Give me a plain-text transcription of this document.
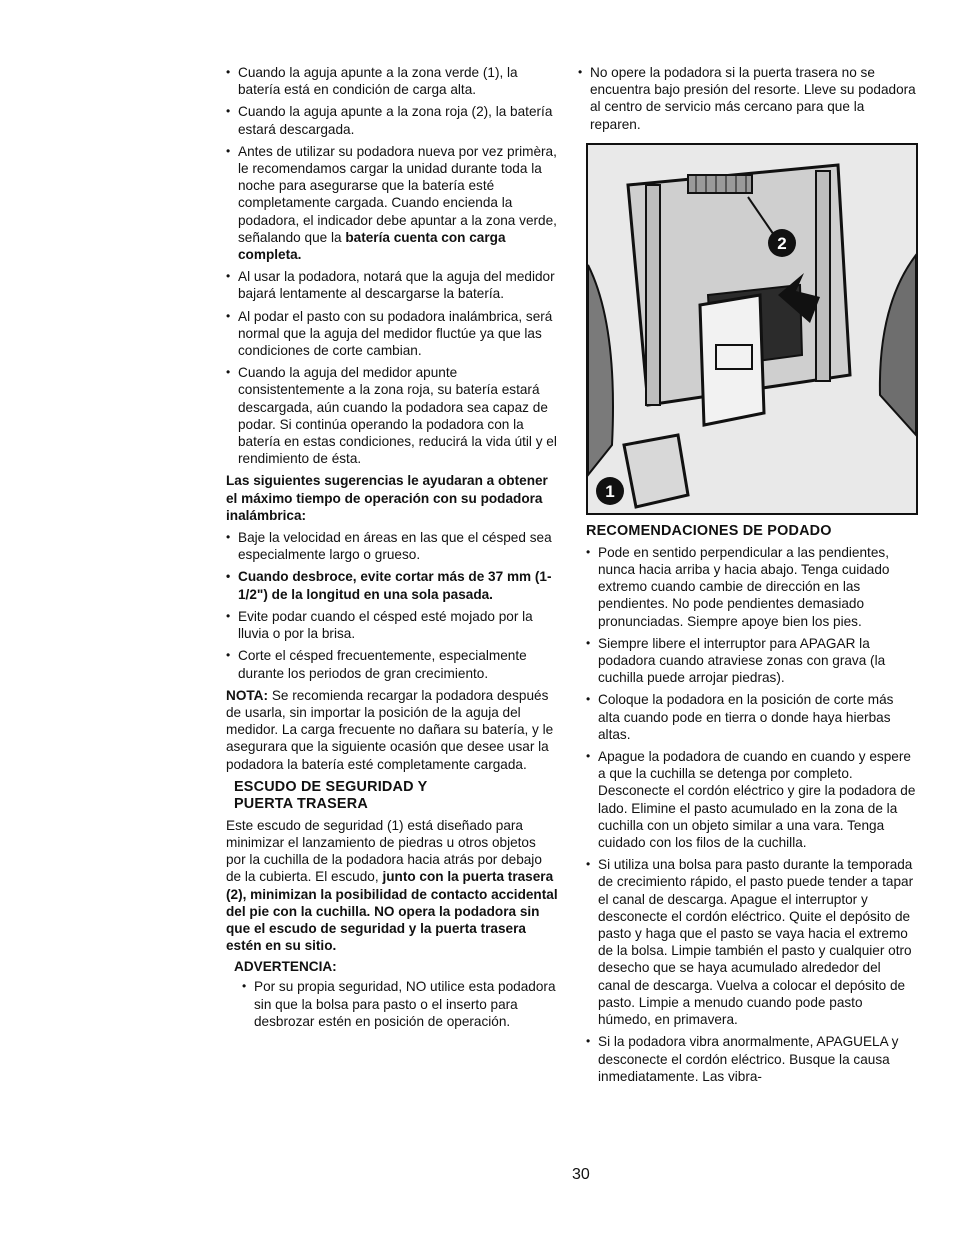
• Cuando la aguja apunte a la zona verde (1), la batería está en condición de carga alta.
• Cuando la aguja apunte a la zona roja (2), la batería estará descargada.
• Antes de utilizar su podadora nueva por vez primèra, le recomendamos cargar la unidad durante toda la noche para asegurarse que la batería esté completamente cargada. Cuando encienda la podadora, el indicador debe apuntar a la zona verde, señalando que la batería cuenta con carga completa.
• Al usar la podadora, notará que la aguja del medidor bajará lentamente al descargarse la batería.
• Al podar el pasto con su podadora inalámbrica, será normal que la aguja del medidor fluctúe ya que las condiciones de corte cambian.
• Cuando la aguja del medidor apunte consistentemente a la zona roja, su batería estará descargada, aún cuando la podadora sea capaz de podar. Si continúa operando la podadora con la batería en estas condiciones, reducirá la vida útil y el rendimiento de ésta.

Las siguientes sugerencias le ayudaran a obtener el máximo tiempo de operación con su podadora inalámbrica:

• Baje la velocidad en áreas en las que el césped sea especialmente largo o grueso.
• Cuando desbroce, evite cortar más de 37 mm (1-1/2") de la longitud en una sola pasada.
• Evite podar cuando el césped esté mojado por la lluvia o por la brisa.
• Corte el césped frecuentemente, especialmente durante los periodos de gran crecimiento.

NOTA: Se recomienda recargar la podadora después de usarla, sin importar la posición de la aguja del medidor. La carga frecuente no dañara su batería, y le asegurara que la siguiente ocasión que desee usar la podadora la batería esté completamente cargada.

ESCUDO DE SEGURIDAD Y
PUERTA TRASERA

Este escudo de seguridad (1) está diseñado para minimizar el lanzamiento de piedras u otros objetos por la cuchilla de la podadora hacia atrás por debajo de la cubierta. El escudo, junto con la puerta trasera (2), minimizan la posibilidad de contacto accidental del pie con la cuchilla. NO opera la podadora sin que el escudo de seguridad y la puerta trasera estén en su sitio.

ADVERTENCIA:
• Por su propia seguridad, NO utilice esta podadora sin que la bolsa para pasto o el inserto para desbrozar estén en posición de operación.
• No opere la podadora si la puerta trasera no se encuentra bajo presión del resorte. Lleve su podadora al centro de servicio más cercano para que la reparen.
2
1
RECOMENDACIONES DE PODADO
• Pode en sentido perpendicular a las pendientes, nunca hacia arriba y hacia abajo. Tenga cuidado extremo cuando cambie de dirección en las pendientes. No pode pendientes demasiado pronunciadas. Siempre apoye bien los pies.
• Siempre libere el interruptor para APAGAR la podadora cuando atraviese zonas con grava (la cuchilla puede arrojar piedras).
• Coloque la podadora en la posición de corte más alta cuando pode en tierra o donde haya hierbas altas.
• Apague la podadora de cuando en cuando y espere a que la cuchilla se detenga por completo. Desconecte el cordón eléctrico y gire la podadora de lado. Elimine el pasto acumulado en la zona de la cuchilla con un objeto similar a una vara. Tenga cuidado con los filos de la cuchilla.
• Si utiliza una bolsa para pasto durante la temporada de crecimiento rápido, el pasto puede tender a tapar el canal de descarga. Apague el interruptor y desconecte el cordón eléctrico. Quite el depósito de pasto y haga que el pasto se vaya hacia el extremo de la bolsa. Limpie también el pasto y cualquier otro desecho que se haya acumulado alrededor del canal de descarga. Vuelva a colocar el depósito de pasto. Limpie a menudo cuando pode pasto húmedo, en primavera.
• Si la podadora vibra anormalmente, APAGUELA y desconecte el cordón eléctrico. Busque la causa inmediatamente. Las vibra-
30
